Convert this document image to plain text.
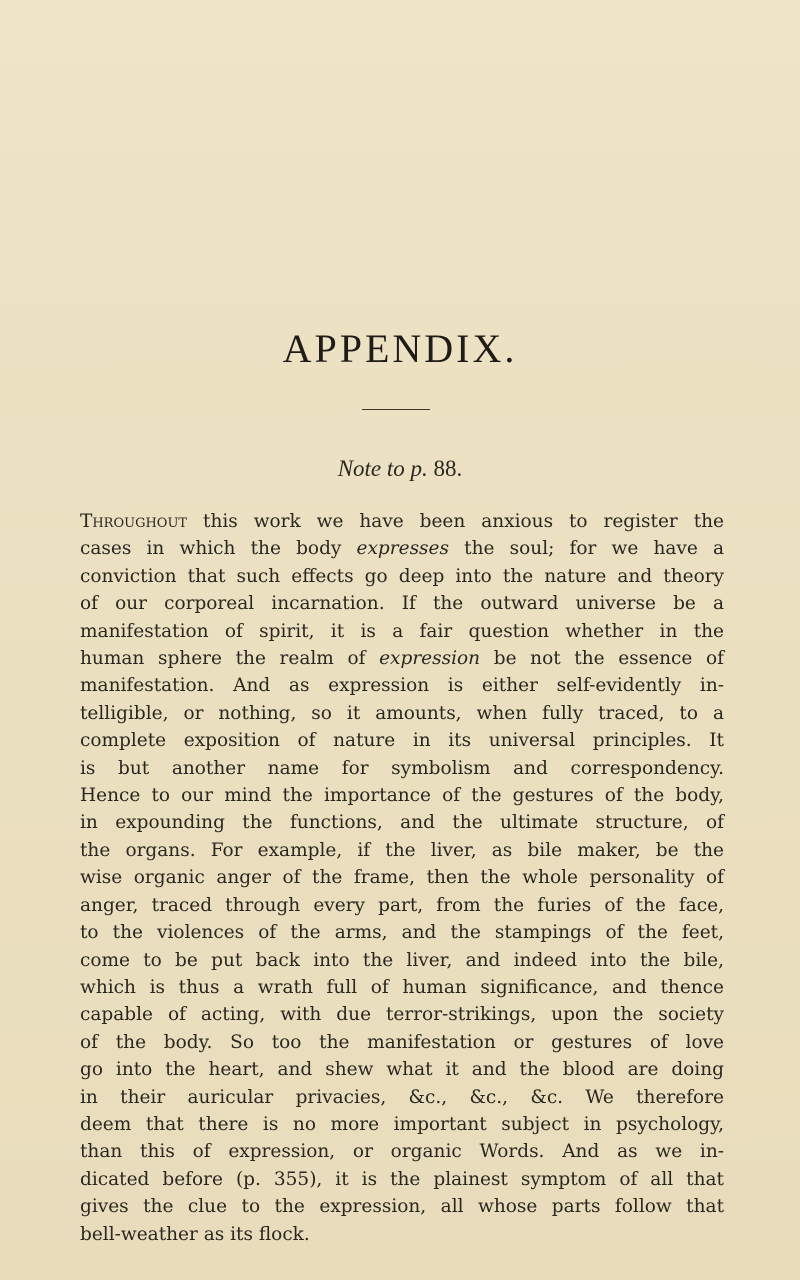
APPENDIX.
Note to p. 88.
Throughout this work we have been anxious to register the
cases in which the body expresses the soul; for we have a
conviction that such effects go deep into the nature and theory
of our corporeal incarnation. If the outward universe be a
manifestation of spirit, it is a fair question whether in the
human sphere the realm of expression be not the essence of
manifestation. And as expression is either self-evidently in-
telligible, or nothing, so it amounts, when fully traced, to a
complete exposition of nature in its universal principles. It
is but another name for symbolism and correspondency.
Hence to our mind the importance of the gestures of the body,
in expounding the functions, and the ultimate structure, of
the organs. For example, if the liver, as bile maker, be the
wise organic anger of the frame, then the whole personality of
anger, traced through every part, from the furies of the face,
to the violences of the arms, and the stampings of the feet,
come to be put back into the liver, and indeed into the bile,
which is thus a wrath full of human significance, and thence
capable of acting, with due terror-strikings, upon the society
of the body. So too the manifestation or gestures of love
go into the heart, and shew what it and the blood are doing
in their auricular privacies, &c., &c., &c. We therefore
deem that there is no more important subject in psychology,
than this of expression, or organic Words. And as we in-
dicated before (p. 355), it is the plainest symptom of all that
gives the clue to the expression, all whose parts follow that
bell-weather as its flock.
